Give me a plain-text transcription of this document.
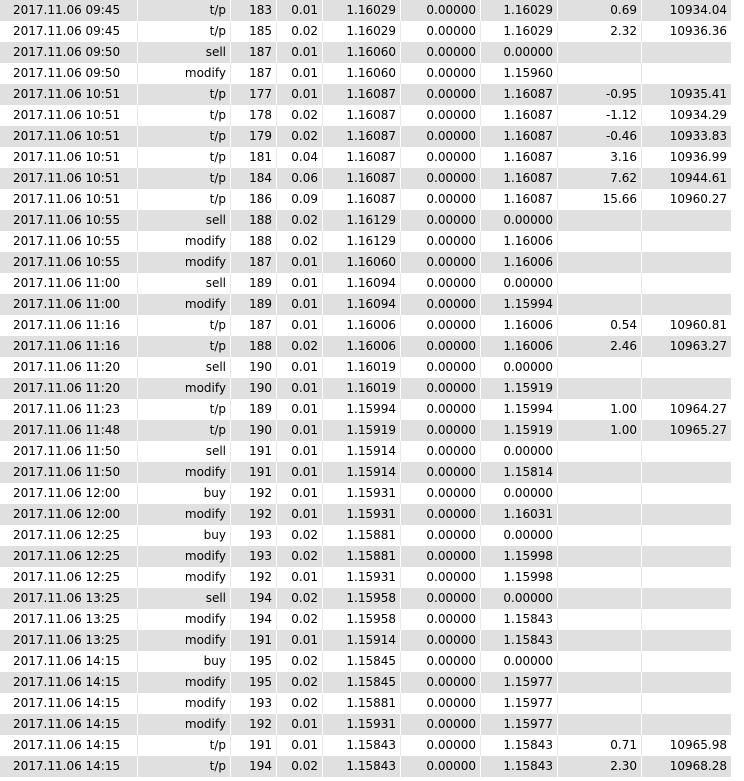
2017.11.06 09:45	t/p	183	0.01	1.16029	0.00000	1.16029	0.69	10934.04
2017.11.06 09:45	t/p	185	0.02	1.16029	0.00000	1.16029	2.32	10936.36
2017.11.06 09:50	sell	187	0.01	1.16060	0.00000	0.00000
2017.11.06 09:50	modify	187	0.01	1.16060	0.00000	1.15960
2017.11.06 10:51	t/p	177	0.01	1.16087	0.00000	1.16087	-0.95	10935.41
2017.11.06 10:51	t/p	178	0.02	1.16087	0.00000	1.16087	-1.12	10934.29
2017.11.06 10:51	t/p	179	0.02	1.16087	0.00000	1.16087	-0.46	10933.83
2017.11.06 10:51	t/p	181	0.04	1.16087	0.00000	1.16087	3.16	10936.99
2017.11.06 10:51	t/p	184	0.06	1.16087	0.00000	1.16087	7.62	10944.61
2017.11.06 10:51	t/p	186	0.09	1.16087	0.00000	1.16087	15.66	10960.27
2017.11.06 10:55	sell	188	0.02	1.16129	0.00000	0.00000
2017.11.06 10:55	modify	188	0.02	1.16129	0.00000	1.16006
2017.11.06 10:55	modify	187	0.01	1.16060	0.00000	1.16006
2017.11.06 11:00	sell	189	0.01	1.16094	0.00000	0.00000
2017.11.06 11:00	modify	189	0.01	1.16094	0.00000	1.15994
2017.11.06 11:16	t/p	187	0.01	1.16006	0.00000	1.16006	0.54	10960.81
2017.11.06 11:16	t/p	188	0.02	1.16006	0.00000	1.16006	2.46	10963.27
2017.11.06 11:20	sell	190	0.01	1.16019	0.00000	0.00000
2017.11.06 11:20	modify	190	0.01	1.16019	0.00000	1.15919
2017.11.06 11:23	t/p	189	0.01	1.15994	0.00000	1.15994	1.00	10964.27
2017.11.06 11:48	t/p	190	0.01	1.15919	0.00000	1.15919	1.00	10965.27
2017.11.06 11:50	sell	191	0.01	1.15914	0.00000	0.00000
2017.11.06 11:50	modify	191	0.01	1.15914	0.00000	1.15814
2017.11.06 12:00	buy	192	0.01	1.15931	0.00000	0.00000
2017.11.06 12:00	modify	192	0.01	1.15931	0.00000	1.16031
2017.11.06 12:25	buy	193	0.02	1.15881	0.00000	0.00000
2017.11.06 12:25	modify	193	0.02	1.15881	0.00000	1.15998
2017.11.06 12:25	modify	192	0.01	1.15931	0.00000	1.15998
2017.11.06 13:25	sell	194	0.02	1.15958	0.00000	0.00000
2017.11.06 13:25	modify	194	0.02	1.15958	0.00000	1.15843
2017.11.06 13:25	modify	191	0.01	1.15914	0.00000	1.15843
2017.11.06 14:15	buy	195	0.02	1.15845	0.00000	0.00000
2017.11.06 14:15	modify	195	0.02	1.15845	0.00000	1.15977
2017.11.06 14:15	modify	193	0.02	1.15881	0.00000	1.15977
2017.11.06 14:15	modify	192	0.01	1.15931	0.00000	1.15977
2017.11.06 14:15	t/p	191	0.01	1.15843	0.00000	1.15843	0.71	10965.98
2017.11.06 14:15	t/p	194	0.02	1.15843	0.00000	1.15843	2.30	10968.28
